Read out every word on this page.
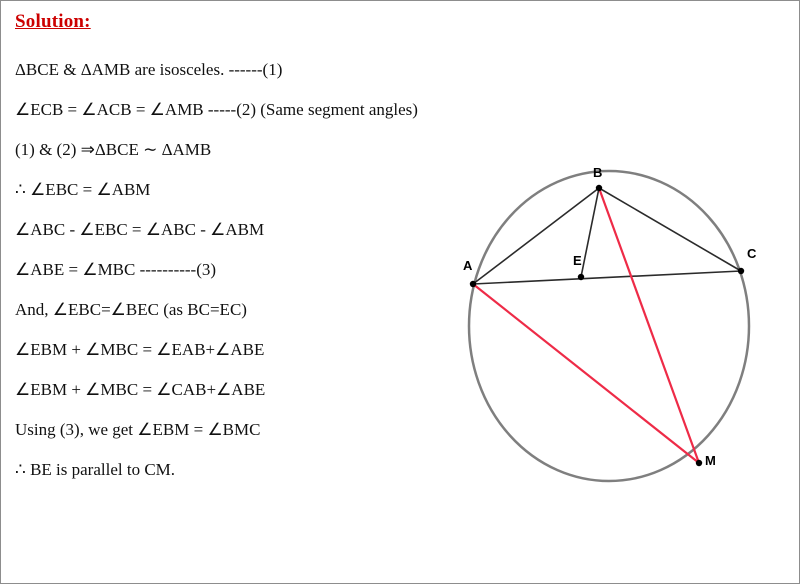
Solution:
ΔBCE & ΔAMB are isosceles. ------(1)
∠ECB = ∠ACB = ∠AMB -----(2) (Same segment angles)
(1) & (2) ⇒ΔBCE ∼ ΔAMB
∴ ∠EBC = ∠ABM
∠ABC - ∠EBC = ∠ABC - ∠ABM
∠ABE = ∠MBC ----------(3)
And, ∠EBC=∠BEC (as BC=EC)
∠EBM + ∠MBC = ∠EAB+∠ABE
∠EBM + ∠MBC = ∠CAB+∠ABE
Using (3), we get ∠EBM = ∠BMC
∴ BE is parallel to CM.
B
C
A	E
M
